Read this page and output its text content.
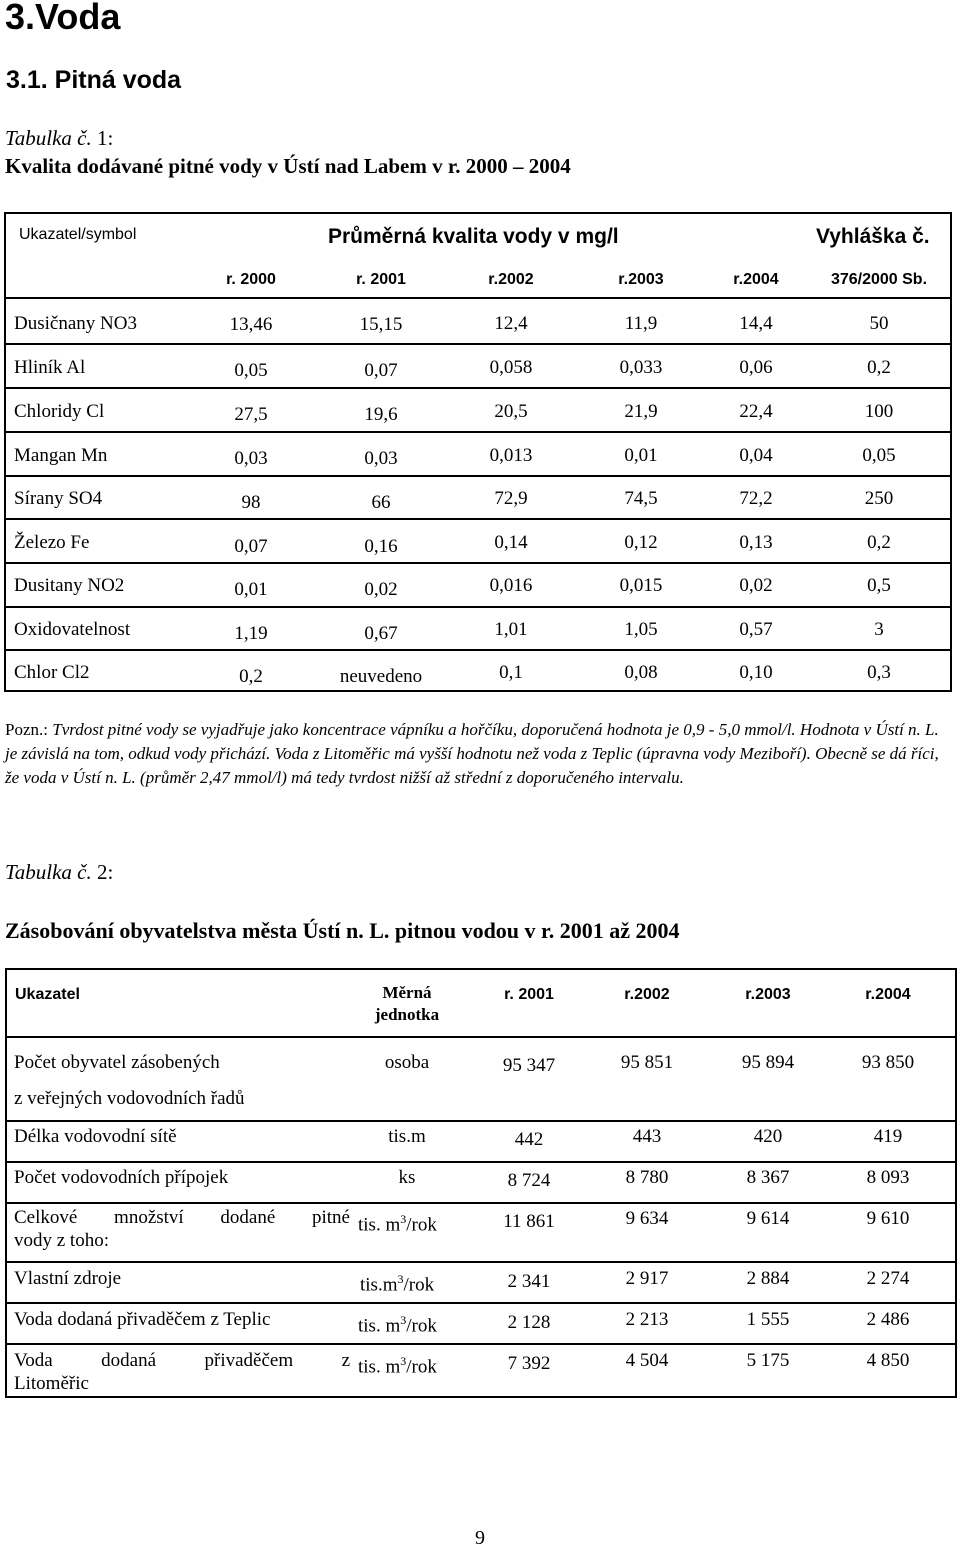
3.Voda
3.1. Pitná voda
Tabulka č. 1:
Kvalita dodávané pitné vody v Ústí nad Labem v r. 2000 – 2004
Ukazatel/symbol	Průměrná kvalita vody v mg/l	Vyhláška č.
r. 2000	r. 2001	r.2002	r.2003	r.2004	376/2000 Sb.
Dusičnany NO3	13,46	15,15	12,4	11,9	14,4	50
Hliník Al	0,05	0,07	0,058	0,033	0,06	0,2
Chloridy Cl	27,5	19,6	20,5	21,9	22,4	100
Mangan Mn	0,03	0,03	0,013	0,01	0,04	0,05
Sírany SO4	98	66	72,9	74,5	72,2	250
Železo Fe	0,07	0,16	0,14	0,12	0,13	0,2
Dusitany NO2	0,01	0,02	0,016	0,015	0,02	0,5
Oxidovatelnost	1,19	0,67	1,01	1,05	0,57	3
Chlor Cl2	0,2	neuvedeno	0,1	0,08	0,10	0,3
Pozn.: Tvrdost pitné vody se vyjadřuje jako koncentrace vápníku a hořčíku, doporučená hodnota je 0,9 - 5,0 mmol/l. Hodnota v Ústí n. L. je závislá na tom, odkud vody přichází. Voda z Litoměřic má vyšší hodnotu než voda z Teplic (úpravna vody Meziboří). Obecně se dá říci, že voda v Ústí n. L. (průměr 2,47 mmol/l) má tedy tvrdost nižší až střední z doporučeného intervalu.
Tabulka č. 2:
Zásobování obyvatelstva města Ústí n. L. pitnou vodou v r. 2001 až 2004
Ukazatel	Měrná
jednotka
r. 2001	r.2002	r.2003	r.2004
Počet obyvatel zásobených
z veřejných vodovodních řadů
osoba	95 347	95 851	95 894	93 850
Délka vodovodní sítě	tis.m	442	443	420	419
Počet vodovodních přípojek	ks	8 724	8 780	8 367	8 093
Celkové množství dodané pitné
vody z toho:
tis. $m^3$/rok	11 861	9 634	9 614	9 610
Vlastní zdroje	$tis.m^3$/rok	2 341	2 917	2 884	2 274
Voda dodaná přivaděčem z Teplic	tis. $m^3$/rok	2 128	2 213	1 555	2 486
Voda dodaná přivaděčem z
Litoměřic
tis. $m^3$/rok	7 392	4 504	5 175	4 850
9
